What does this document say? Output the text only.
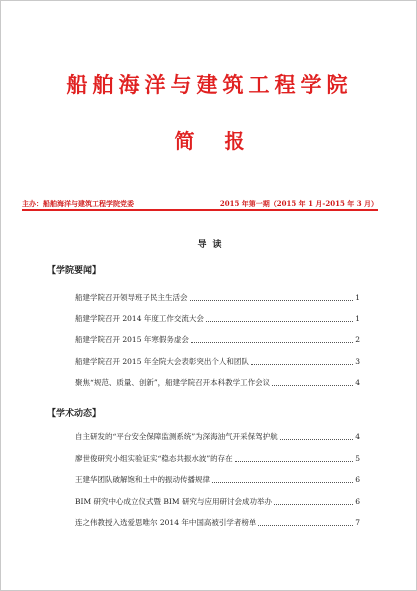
船舶海洋与建筑工程学院
简报
主办：船舶海洋与建筑工程学院党委	2015 年第一期（2015 年 1 月-2015 年 3 月）
导读
【学院要闻】
船建学院召开领导班子民主生活会	1
船建学院召开 2014 年度工作交流大会	1
船建学院召开 2015 年寒假务虚会	2
船建学院召开 2015 年全院大会表彰突出个人和团队	3
聚焦“规范、质量、创新”，船建学院召开本科教学工作会议	4
【学术动态】
自主研发的“平台安全保障监测系统”为深海油气开采保驾护航	4
廖世俊研究小组实验证实“稳态共振水波”的存在	5
王建华团队破解饱和土中的振动传播规律	6
BIM 研究中心成立仪式暨 BIM 研究与应用研讨会成功举办	6
连之伟教授入选爱思唯尔 2014 年中国高被引学者榜单	7
